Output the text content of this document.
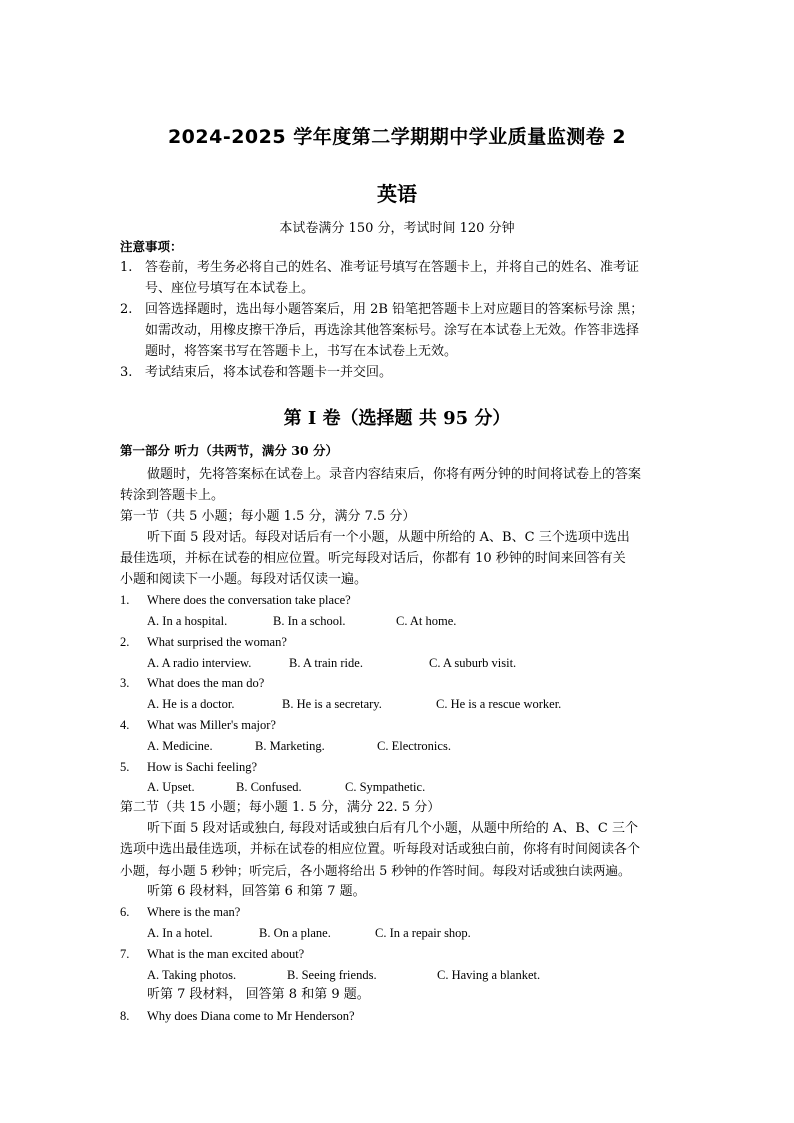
2024-2025 学年度第二学期期中学业质量监测卷 2
英语
本试卷满分 150 分，考试时间 120 分钟
注意事项：
1. 答卷前，考生务必将自己的姓名、准考证号填写在答题卡上，并将自己的姓名、准考证
号、座位号填写在本试卷上。
2. 回答选择题时，选出每小题答案后，用 2B 铅笔把答题卡上对应题目的答案标号涂 黑；
如需改动，用橡皮擦干净后，再选涂其他答案标号。涂写在本试卷上无效。作答非选择
题时，将答案书写在答题卡上，书写在本试卷上无效。
3. 考试结束后，将本试卷和答题卡一并交回。
第 I 卷（选择题 共 95 分）
第一部分 听力（共两节，满分 30 分）
做题时，先将答案标在试卷上。录音内容结束后，你将有两分钟的时间将试卷上的答案
转涂到答题卡上。
第一节（共 5 小题；每小题 1.5 分，满分 7.5 分）
听下面 5 段对话。每段对话后有一个小题，从题中所给的 A、B、C 三个选项中选出
最佳选项，并标在试卷的相应位置。听完每段对话后，你都有 10 秒钟的时间来回答有关
小题和阅读下一小题。每段对话仅读一遍。
1. Where does the conversation take place?
A. In a hospital.	B. In a school.	C. At home.
2. What surprised the woman?
A. A radio interview.	B. A train ride.	C. A suburb visit.
3. What does the man do?
A. He is a doctor.	B. He is a secretary.	C. He is a rescue worker.
4. What was Miller's major?
A. Medicine.	B. Marketing.	C. Electronics.
5. How is Sachi feeling?
A. Upset.	B. Confused.	C. Sympathetic.
第二节（共 15 小题；每小题 1. 5 分，满分 22. 5 分）
听下面 5 段对话或独白, 每段对话或独白后有几个小题，从题中所给的 A、B、C 三个
选项中选出最佳选项，并标在试卷的相应位置。听每段对话或独白前，你将有时间阅读各个
小题，每小题 5 秒钟；听完后，各小题将给出 5 秒钟的作答时间。每段对话或独白读两遍。
听第 6 段材料，回答第 6 和第 7 题。
6. Where is the man?
A. In a hotel.	B. On a plane.	C. In a repair shop.
7. What is the man excited about?
A. Taking photos.	B. Seeing friends.	C. Having a blanket.
听第 7 段材料， 回答第 8 和第 9 题。
8. Why does Diana come to Mr Henderson?
